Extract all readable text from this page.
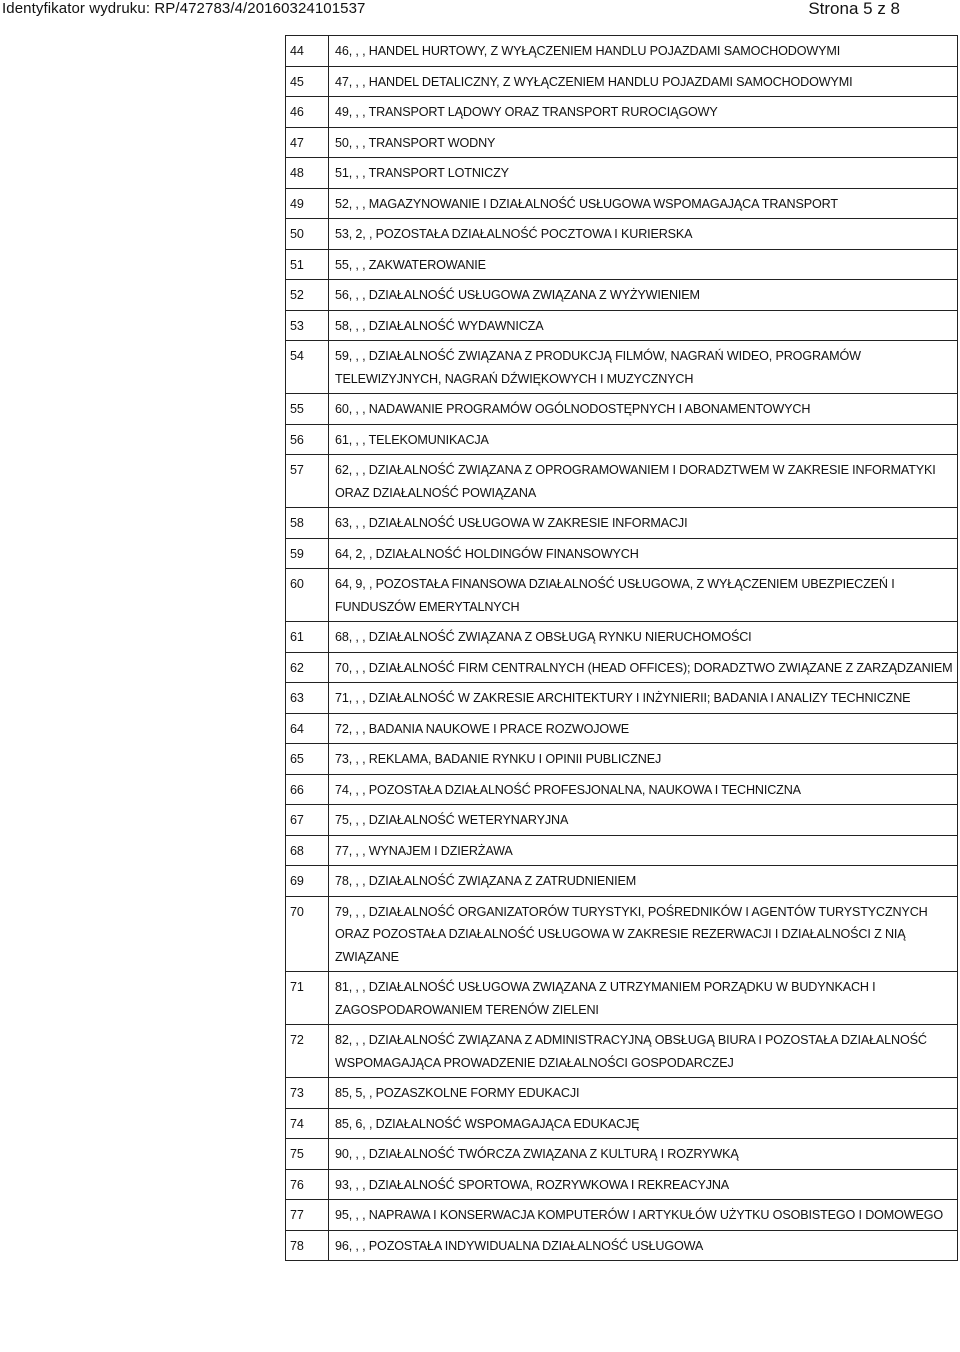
Identyfikator wydruku: RP/472783/4/20160324101537	Strona 5 z 8
44	46, , , HANDEL HURTOWY, Z WYŁĄCZENIEM HANDLU POJAZDAMI SAMOCHODOWYMI
45	47, , , HANDEL DETALICZNY, Z WYŁĄCZENIEM HANDLU POJAZDAMI SAMOCHODOWYMI
46	49, , , TRANSPORT LĄDOWY ORAZ TRANSPORT RUROCIĄGOWY
47	50, , , TRANSPORT WODNY
48	51, , , TRANSPORT LOTNICZY
49	52, , , MAGAZYNOWANIE I DZIAŁALNOŚĆ USŁUGOWA WSPOMAGAJĄCA TRANSPORT
50	53, 2, , POZOSTAŁA DZIAŁALNOŚĆ POCZTOWA I KURIERSKA
51	55, , , ZAKWATEROWANIE
52	56, , , DZIAŁALNOŚĆ USŁUGOWA ZWIĄZANA Z WYŻYWIENIEM
53	58, , , DZIAŁALNOŚĆ WYDAWNICZA
54	59, , , DZIAŁALNOŚĆ ZWIĄZANA Z PRODUKCJĄ FILMÓW, NAGRAŃ WIDEO, PROGRAMÓW TELEWIZYJNYCH, NAGRAŃ DŹWIĘKOWYCH I MUZYCZNYCH
55	60, , , NADAWANIE PROGRAMÓW OGÓLNODOSTĘPNYCH I ABONAMENTOWYCH
56	61, , , TELEKOMUNIKACJA
57	62, , , DZIAŁALNOŚĆ ZWIĄZANA Z OPROGRAMOWANIEM I DORADZTWEM W ZAKRESIE INFORMATYKI ORAZ DZIAŁALNOŚĆ POWIĄZANA
58	63, , , DZIAŁALNOŚĆ USŁUGOWA W ZAKRESIE INFORMACJI
59	64, 2, , DZIAŁALNOŚĆ HOLDINGÓW FINANSOWYCH
60	64, 9, , POZOSTAŁA FINANSOWA DZIAŁALNOŚĆ USŁUGOWA, Z WYŁĄCZENIEM UBEZPIECZEŃ I FUNDUSZÓW EMERYTALNYCH
61	68, , , DZIAŁALNOŚĆ ZWIĄZANA Z OBSŁUGĄ RYNKU NIERUCHOMOŚCI
62	70, , , DZIAŁALNOŚĆ FIRM CENTRALNYCH (HEAD OFFICES); DORADZTWO ZWIĄZANE Z ZARZĄDZANIEM
63	71, , , DZIAŁALNOŚĆ W ZAKRESIE ARCHITEKTURY I INŻYNIERII; BADANIA I ANALIZY TECHNICZNE
64	72, , , BADANIA NAUKOWE I PRACE ROZWOJOWE
65	73, , , REKLAMA, BADANIE RYNKU I OPINII PUBLICZNEJ
66	74, , , POZOSTAŁA DZIAŁALNOŚĆ PROFESJONALNA, NAUKOWA I TECHNICZNA
67	75, , , DZIAŁALNOŚĆ WETERYNARYJNA
68	77, , , WYNAJEM I DZIERŻAWA
69	78, , , DZIAŁALNOŚĆ ZWIĄZANA Z ZATRUDNIENIEM
70	79, , , DZIAŁALNOŚĆ ORGANIZATORÓW TURYSTYKI, POŚREDNIKÓW I AGENTÓW TURYSTYCZNYCH ORAZ POZOSTAŁA DZIAŁALNOŚĆ USŁUGOWA W ZAKRESIE REZERWACJI I DZIAŁALNOŚCI Z NIĄ ZWIĄZANE
71	81, , , DZIAŁALNOŚĆ USŁUGOWA ZWIĄZANA Z UTRZYMANIEM PORZĄDKU W BUDYNKACH I ZAGOSPODAROWANIEM TERENÓW ZIELENI
72	82, , , DZIAŁALNOŚĆ ZWIĄZANA Z ADMINISTRACYJNĄ OBSŁUGĄ BIURA I POZOSTAŁA DZIAŁALNOŚĆ WSPOMAGAJĄCA PROWADZENIE DZIAŁALNOŚCI GOSPODARCZEJ
73	85, 5, , POZASZKOLNE FORMY EDUKACJI
74	85, 6, , DZIAŁALNOŚĆ WSPOMAGAJĄCA EDUKACJĘ
75	90, , , DZIAŁALNOŚĆ TWÓRCZA ZWIĄZANA Z KULTURĄ I ROZRYWKĄ
76	93, , , DZIAŁALNOŚĆ SPORTOWA, ROZRYWKOWA I REKREACYJNA
77	95, , , NAPRAWA I KONSERWACJA KOMPUTERÓW I ARTYKUŁÓW UŻYTKU OSOBISTEGO I DOMOWEGO
78	96, , , POZOSTAŁA INDYWIDUALNA DZIAŁALNOŚĆ USŁUGOWA
